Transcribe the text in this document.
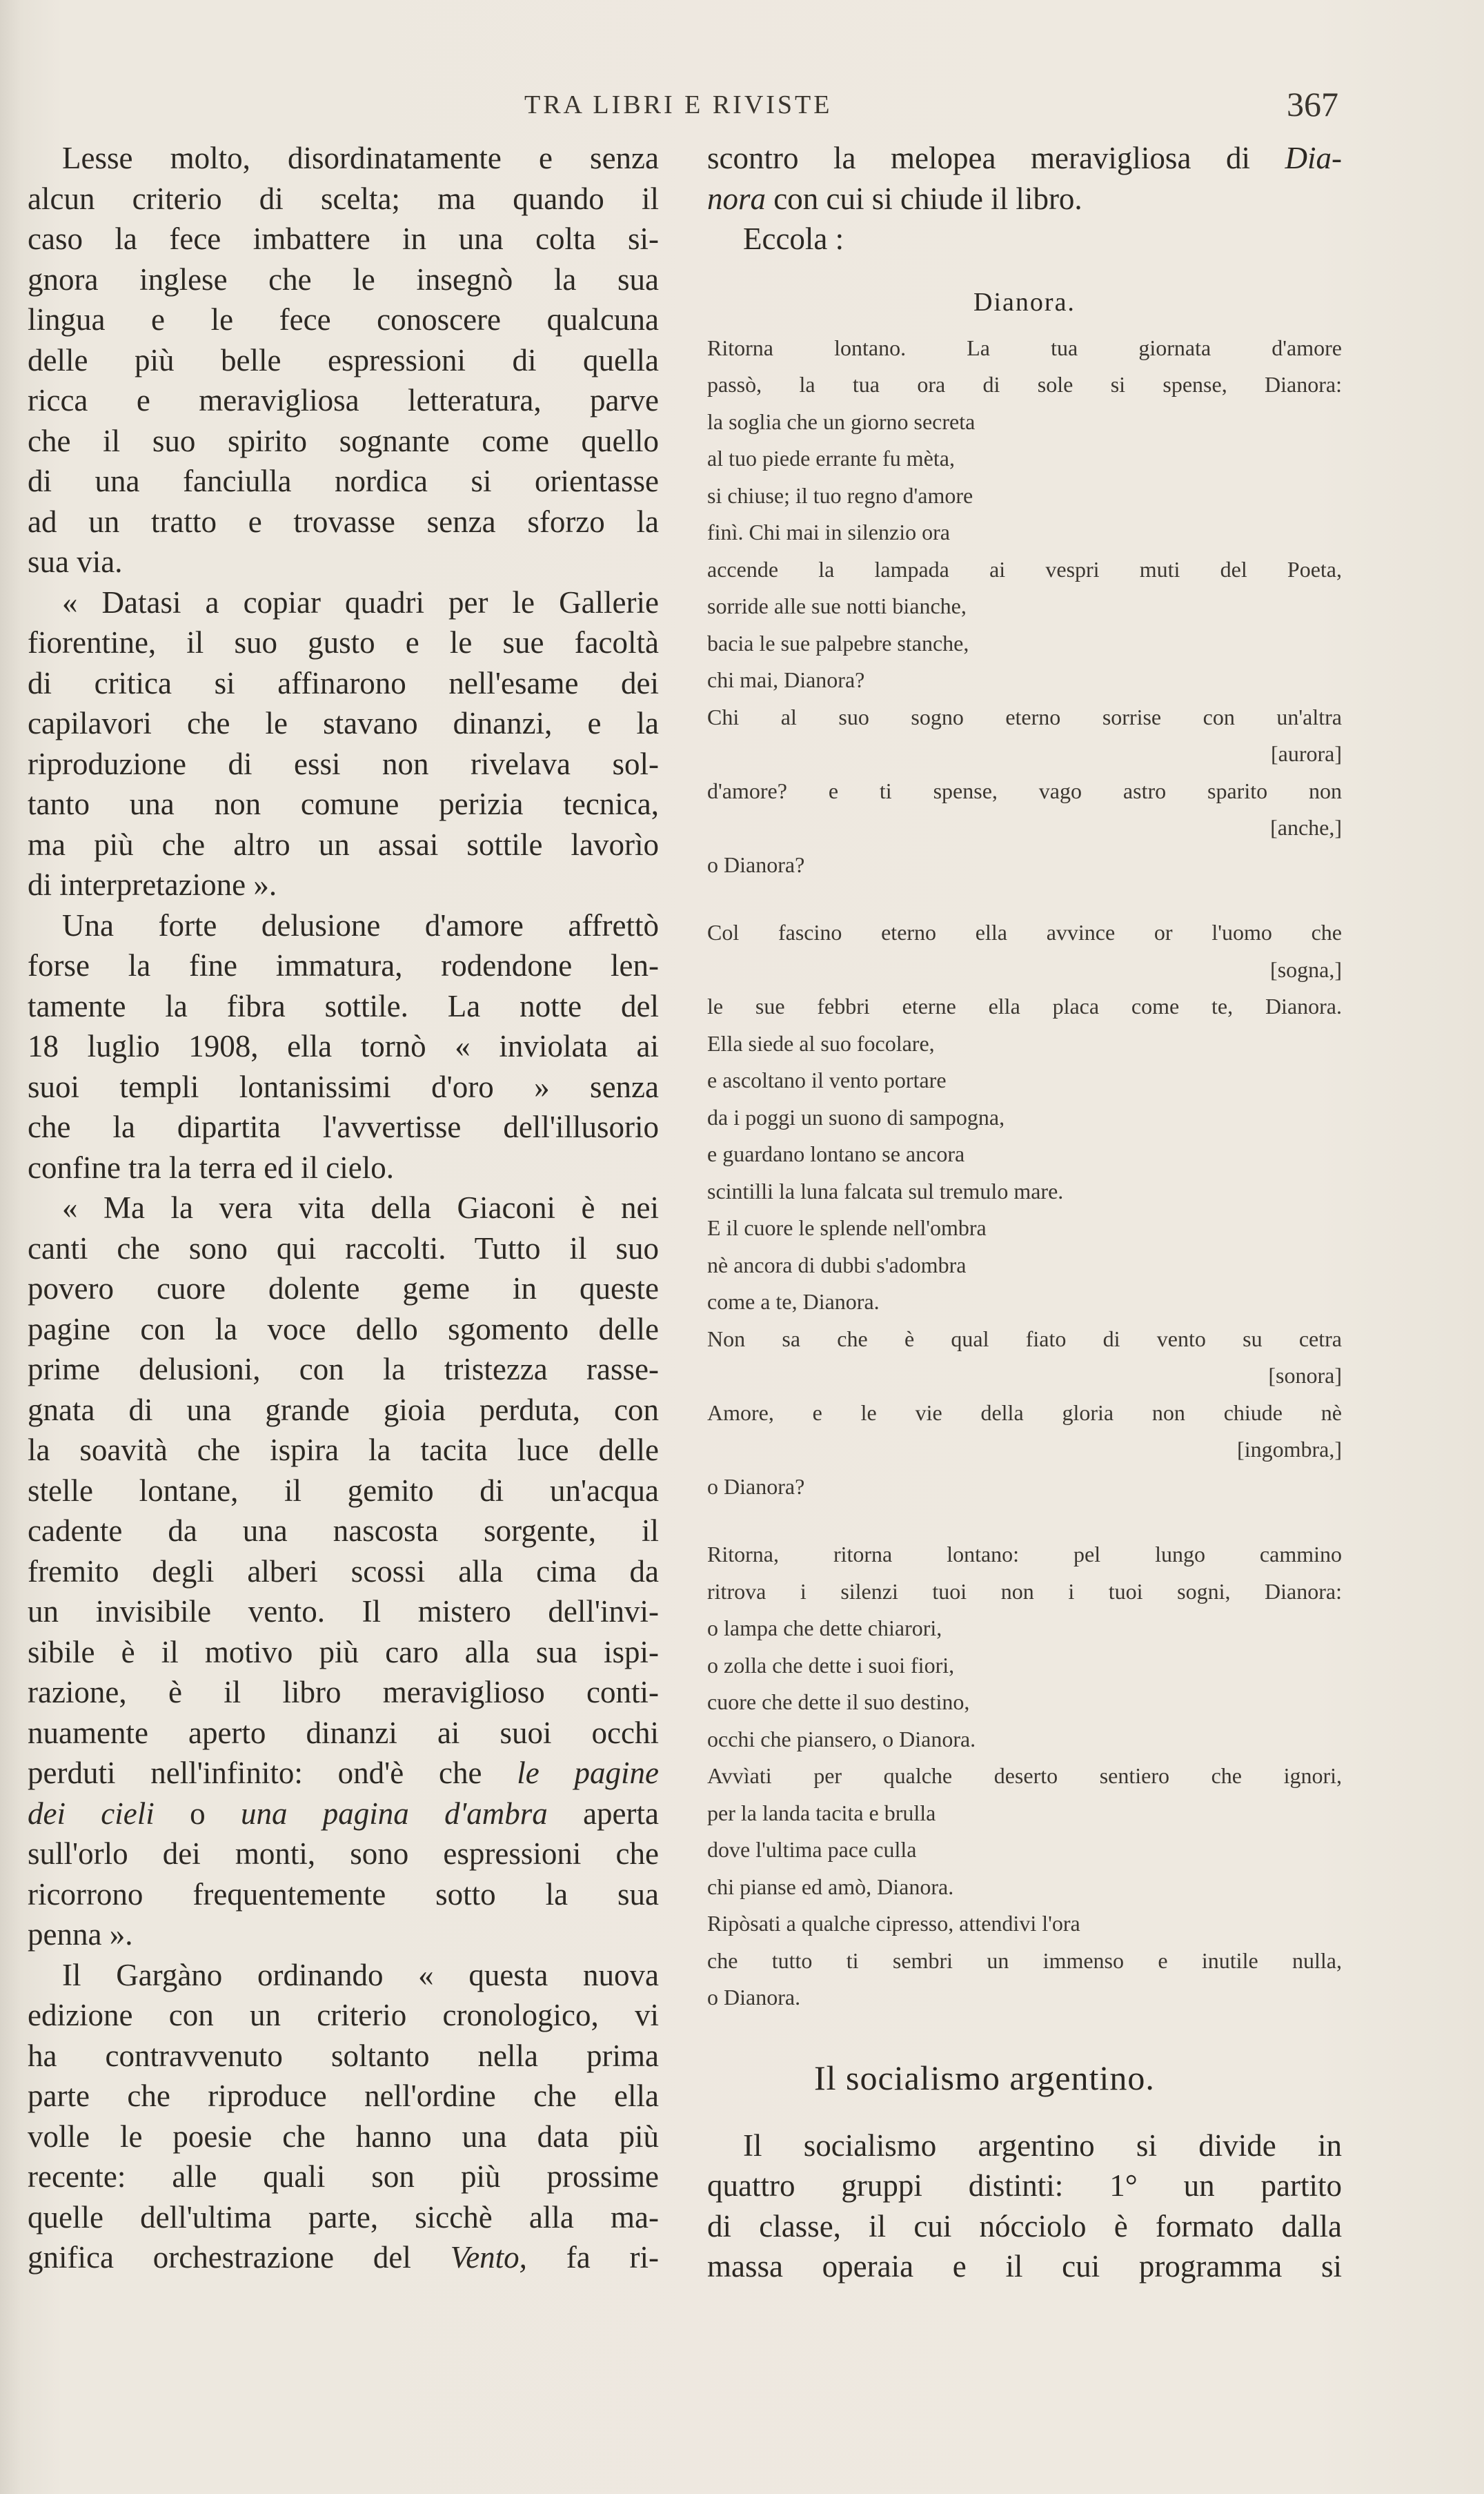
TRA LIBRI E RIVISTE	367

Lesse molto, disordinatamente e senza

alcun criterio di scelta; ma quando il

caso la fece imbattere in una colta si-

gnora inglese che le insegnò la sua

lingua e le fece conoscere qualcuna

delle più belle espressioni di quella

ricca e meravigliosa letteratura, parve

che il suo spirito sognante come quello

di una fanciulla nordica si orientasse

ad un tratto e trovasse senza sforzo la

sua via.

« Datasi a copiar quadri per le Gallerie

fiorentine, il suo gusto e le sue facoltà

di critica si affinarono nell'esame dei

capilavori che le stavano dinanzi, e la

riproduzione di essi non rivelava sol-

tanto una non comune perizia tecnica,

ma più che altro un assai sottile lavorìo

di interpretazione ».

Una forte delusione d'amore affrettò

forse la fine immatura, rodendone len-

tamente la fibra sottile. La notte del

18 luglio 1908, ella tornò « inviolata ai

suoi templi lontanissimi d'oro » senza

che la dipartita l'avvertisse dell'illusorio

confine tra la terra ed il cielo.

« Ma la vera vita della Giaconi è nei

canti che sono qui raccolti. Tutto il suo

povero cuore dolente geme in queste

pagine con la voce dello sgomento delle

prime delusioni, con la tristezza rasse-

gnata di una grande gioia perduta, con

la soavità che ispira la tacita luce delle

stelle lontane, il gemito di un'acqua

cadente da una nascosta sorgente, il

fremito degli alberi scossi alla cima da

un invisibile vento. Il mistero dell'invi-

sibile è il motivo più caro alla sua ispi-

razione, è il libro meraviglioso conti-

nuamente aperto dinanzi ai suoi occhi

perduti nell'infinito: ond'è che le pagine

dei cieli o una pagina d'ambra aperta

sull'orlo dei monti, sono espressioni che

ricorrono frequentemente sotto la sua

penna ».

Il Gargàno ordinando « questa nuova

edizione con un criterio cronologico, vi

ha contravvenuto soltanto nella prima

parte che riproduce nell'ordine che ella

volle le poesie che hanno una data più

recente: alle quali son più prossime

quelle dell'ultima parte, sicchè alla ma-

gnifica orchestrazione del Vento, fa ri-

scontro la melopea meravigliosa di Dia-

nora con cui si chiude il libro.

Eccola :

Dianora.
Ritorna lontano. La tua giornata d'amore
passò, la tua ora di sole si spense, Dianora:
la soglia che un giorno secreta
al tuo piede errante fu mèta,
si chiuse; il tuo regno d'amore
finì. Chi mai in silenzio ora
accende la lampada ai vespri muti del Poeta,
sorride alle sue notti bianche,
bacia le sue palpebre stanche,
chi mai, Dianora?
Chi al suo sogno eterno sorrise con un'altra
[aurora]
d'amore? e ti spense, vago astro sparito non
[anche,]
o Dianora?
Col fascino eterno ella avvince or l'uomo che
[sogna,]
le sue febbri eterne ella placa come te, Dianora.
Ella siede al suo focolare,
e ascoltano il vento portare
da i poggi un suono di sampogna,
e guardano lontano se ancora
scintilli la luna falcata sul tremulo mare.
E il cuore le splende nell'ombra
nè ancora di dubbi s'adombra
come a te, Dianora.
Non sa che è qual fiato di vento su cetra
[sonora]
Amore, e le vie della gloria non chiude nè
[ingombra,]
o Dianora?
Ritorna, ritorna lontano: pel lungo cammino
ritrova i silenzi tuoi non i tuoi sogni, Dianora:
o lampa che dette chiarori,
o zolla che dette i suoi fiori,
cuore che dette il suo destino,
occhi che piansero, o Dianora.
Avvìati per qualche deserto sentiero che ignori,
per la landa tacita e brulla
dove l'ultima pace culla
chi pianse ed amò, Dianora.
Ripòsati a qualche cipresso, attendivi l'ora
che tutto ti sembri un immenso e inutile nulla,
o Dianora.
Il socialismo argentino.

Il socialismo argentino si divide in

quattro gruppi distinti: 1° un partito

di classe, il cui nócciolo è formato dalla

massa operaia e il cui programma si
